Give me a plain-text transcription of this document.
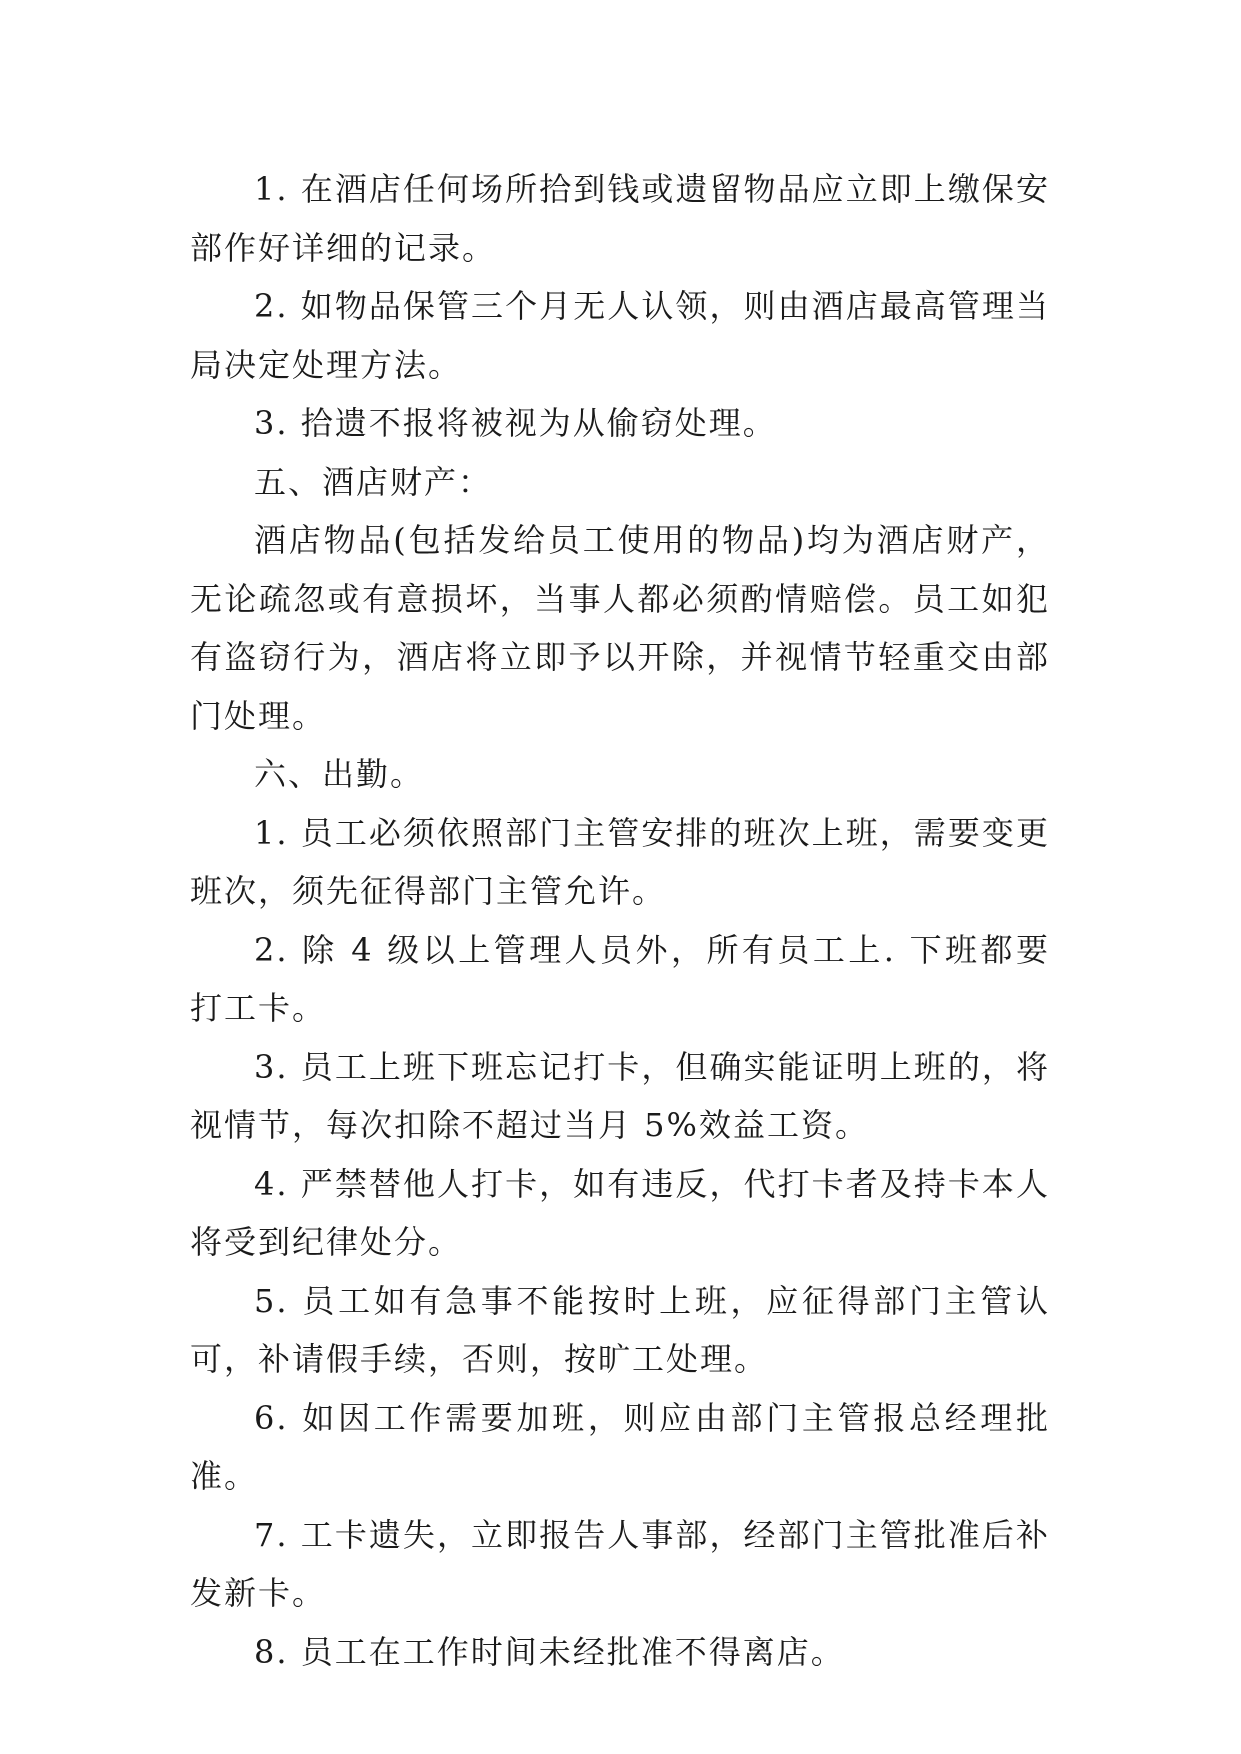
1. 在酒店任何场所拾到钱或遗留物品应立即上缴保安部作好详细的记录。

2. 如物品保管三个月无人认领，则由酒店最高管理当局决定处理方法。

3. 拾遗不报将被视为从偷窃处理。

五、酒店财产：

酒店物品(包括发给员工使用的物品)均为酒店财产，无论疏忽或有意损坏，当事人都必须酌情赔偿。员工如犯有盗窃行为，酒店将立即予以开除，并视情节轻重交由部门处理。

六、出勤。

1. 员工必须依照部门主管安排的班次上班，需要变更班次，须先征得部门主管允许。

2. 除 4 级以上管理人员外，所有员工上. 下班都要打工卡。

3. 员工上班下班忘记打卡，但确实能证明上班的，将视情节，每次扣除不超过当月 5%效益工资。

4. 严禁替他人打卡，如有违反，代打卡者及持卡本人将受到纪律处分。

5. 员工如有急事不能按时上班，应征得部门主管认可，补请假手续，否则，按旷工处理。

6. 如因工作需要加班，则应由部门主管报总经理批准。

7. 工卡遗失，立即报告人事部，经部门主管批准后补发新卡。

8. 员工在工作时间未经批准不得离店。
